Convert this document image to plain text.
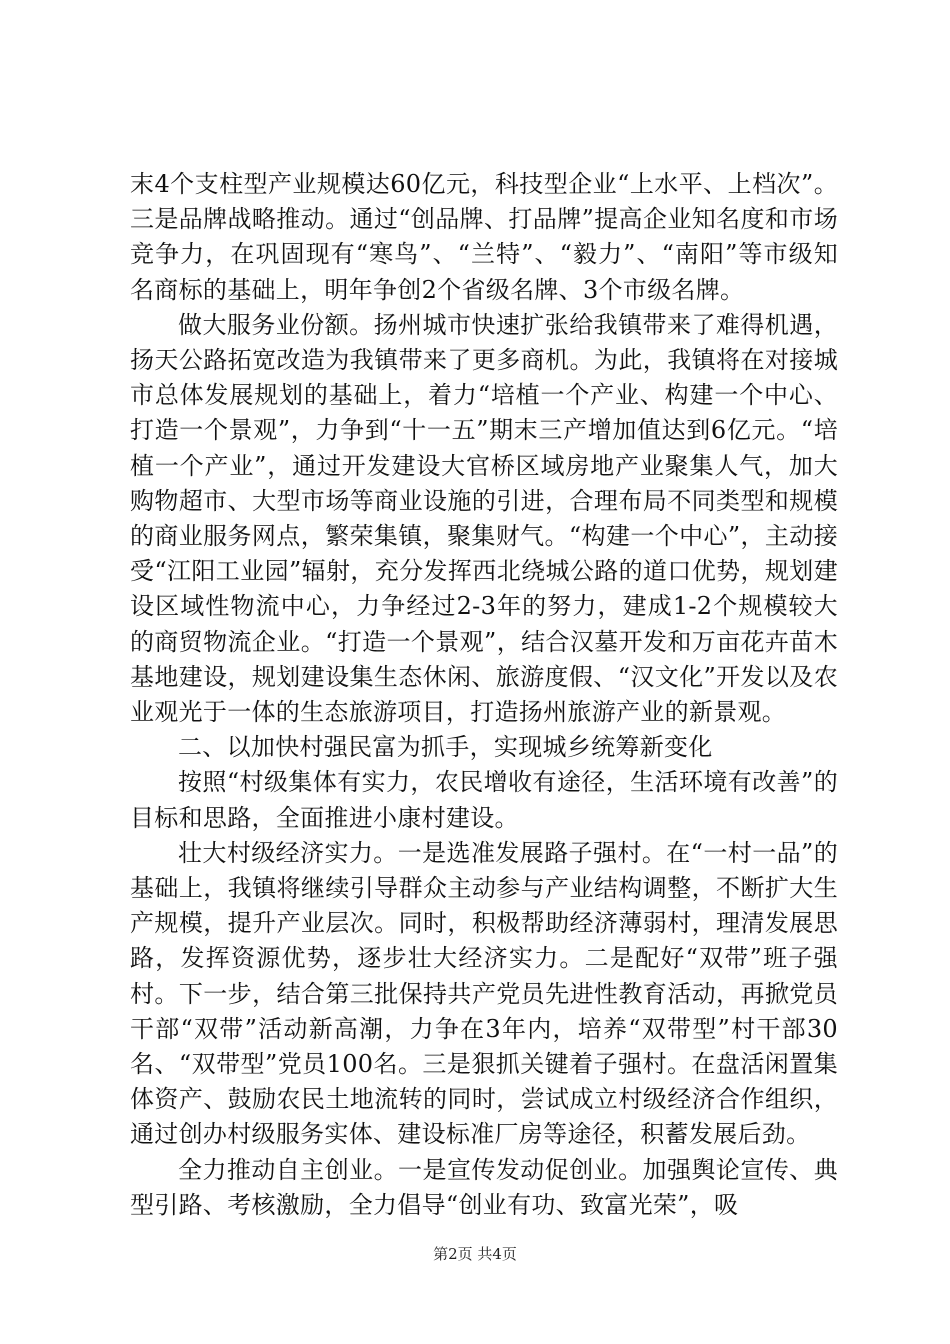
末4个支柱型产业规模达60亿元，科技型企业“上水平、上档次”。三是品牌战略推动。通过“创品牌、打品牌”提高企业知名度和市场竞争力，在巩固现有“寒鸟”、“兰特”、“毅力”、“南阳”等市级知名商标的基础上，明年争创2个省级名牌、3个市级名牌。

做大服务业份额。扬州城市快速扩张给我镇带来了难得机遇，扬天公路拓宽改造为我镇带来了更多商机。为此，我镇将在对接城市总体发展规划的基础上，着力“培植一个产业、构建一个中心、打造一个景观”，力争到“十一五”期末三产增加值达到6亿元。“培植一个产业”，通过开发建设大官桥区域房地产业聚集人气，加大购物超市、大型市场等商业设施的引进，合理布局不同类型和规模的商业服务网点，繁荣集镇，聚集财气。“构建一个中心”，主动接受“江阳工业园”辐射，充分发挥西北绕城公路的道口优势，规划建设区域性物流中心，力争经过2-3年的努力，建成1-2个规模较大的商贸物流企业。“打造一个景观”，结合汉墓开发和万亩花卉苗木基地建设，规划建设集生态休闲、旅游度假、“汉文化”开发以及农业观光于一体的生态旅游项目，打造扬州旅游产业的新景观。

二、以加快村强民富为抓手，实现城乡统筹新变化

按照“村级集体有实力，农民增收有途径，生活环境有改善”的目标和思路，全面推进小康村建设。

壮大村级经济实力。一是选准发展路子强村。在“一村一品”的基础上，我镇将继续引导群众主动参与产业结构调整，不断扩大生产规模，提升产业层次。同时，积极帮助经济薄弱村，理清发展思路，发挥资源优势，逐步壮大经济实力。二是配好“双带”班子强村。下一步，结合第三批保持共产党员先进性教育活动，再掀党员干部“双带”活动新高潮，力争在3年内，培养“双带型”村干部30名、“双带型”党员100名。三是狠抓关键着子强村。在盘活闲置集体资产、鼓励农民土地流转的同时，尝试成立村级经济合作组织，通过创办村级服务实体、建设标准厂房等途径，积蓄发展后劲。

全力推动自主创业。一是宣传发动促创业。加强舆论宣传、典型引路、考核激励，全力倡导“创业有功、致富光荣”，吸

第2页 共4页
